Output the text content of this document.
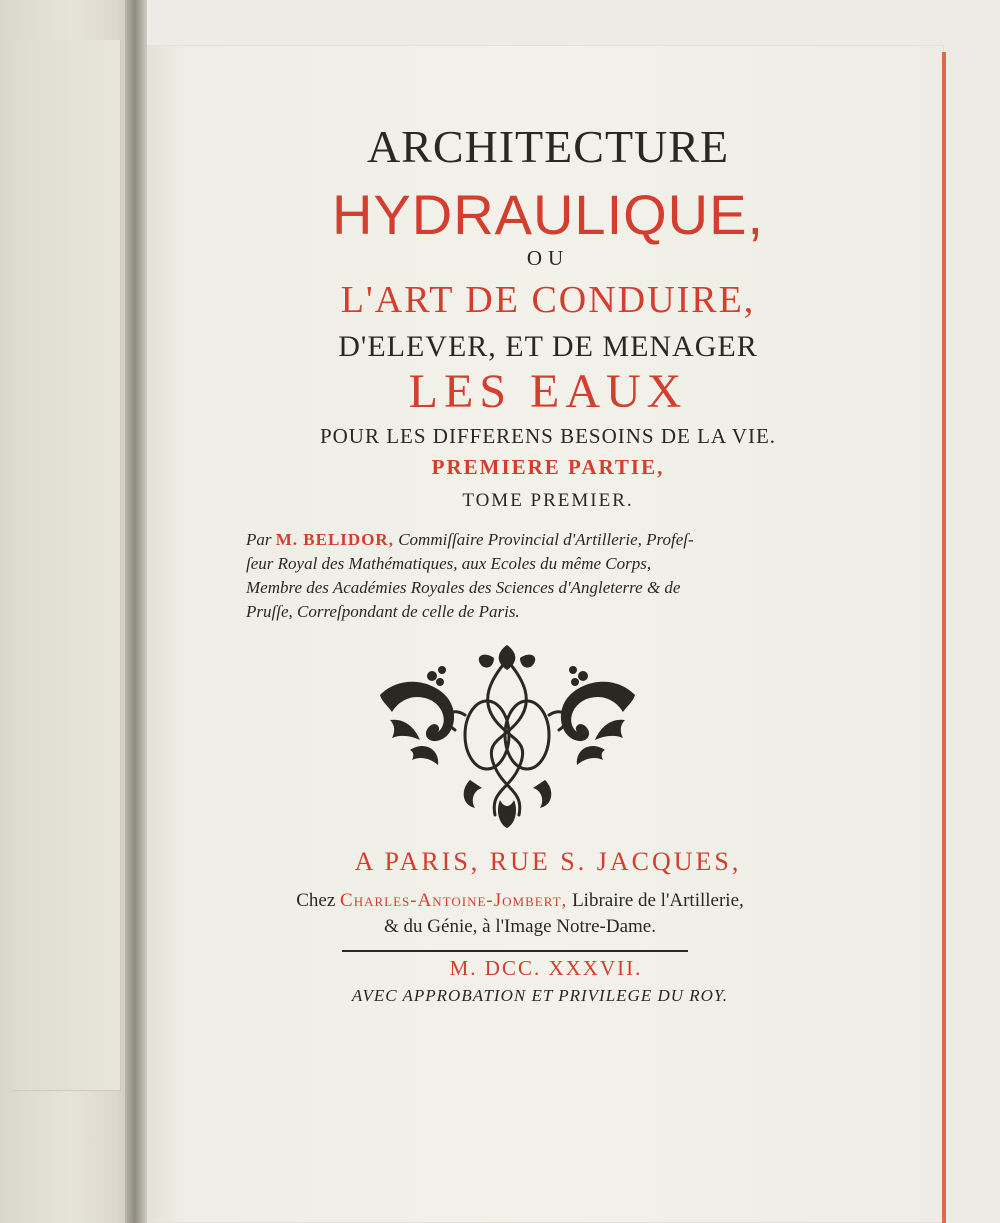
ARCHITECTURE
HYDRAULIQUE,
OU
L'ART DE CONDUIRE,
D'ELEVER, ET DE MENAGER
LES EAUX
POUR LES DIFFERENS BESOINS DE LA VIE.
PREMIERE PARTIE,
TOME PREMIER.
Par M. BELIDOR, Commiſſaire Provincial d'Artillerie, Profeſ-
ſeur Royal des Mathématiques, aux Ecoles du même Corps,
Membre des Académies Royales des Sciences d'Angleterre & de
Pruſſe, Correſpondant de celle de Paris.
A PARIS, RUE S. JACQUES,
Chez Charles-Antoine-Jombert, Libraire de l'Artillerie,
& du Génie, à l'Image Notre-Dame.
M. DCC. XXXVII.
AVEC APPROBATION ET PRIVILEGE DU ROY.
